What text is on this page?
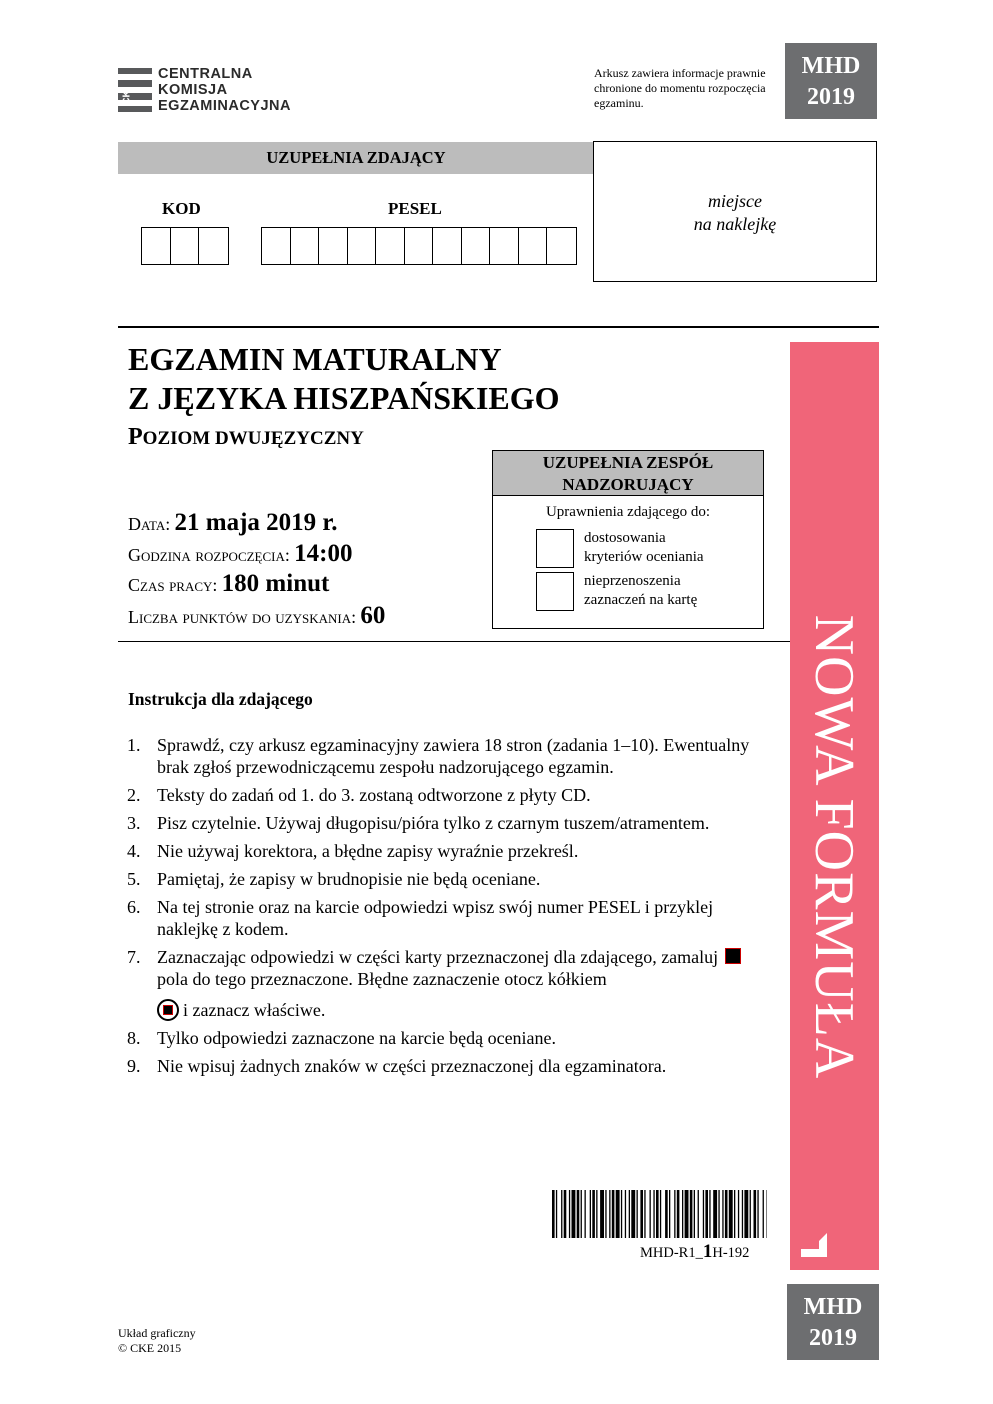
CK
CENTRALNA
KOMISJA
EGZAMINACYJNA
Arkusz zawiera informacje prawnie chronione do momentu rozpoczęcia egzaminu.
MHD
2019
UZUPEŁNIA ZDAJĄCY
KOD	PESEL	miejsce
na naklejkę
EGZAMIN MATURALNY
Z JĘZYKA HISZPAŃSKIEGO
POZIOM DWUJĘZYCZNY
NOWA FORMUŁA
UZUPEŁNIA ZESPÓŁ
NADZORUJĄCY
Uprawnienia zdającego do:
dostosowania
kryteriów oceniania
nieprzenoszenia
zaznaczeń na kartę
Data: 21 maja 2019 r.
Godzina rozpoczęcia: 14:00
Czas pracy: 180 minut
Liczba punktów do uzyskania: 60
Instrukcja dla zdającego
1. Sprawdź, czy arkusz egzaminacyjny zawiera 18 stron (zadania 1–10). Ewentualny brak zgłoś przewodniczącemu zespołu nadzorującego egzamin.
2. Teksty do zadań od 1. do 3. zostaną odtworzone z płyty CD.
3. Pisz czytelnie. Używaj długopisu/pióra tylko z czarnym tuszem/atramentem.
4. Nie używaj korektora, a błędne zapisy wyraźnie przekreśl.
5. Pamiętaj, że zapisy w brudnopisie nie będą oceniane.
6. Na tej stronie oraz na karcie odpowiedzi wpisz swój numer PESEL i przyklej naklejkę z kodem.
7. Zaznaczając odpowiedzi w części karty przeznaczonej dla zdającego, zamaluj pola do tego przeznaczone. Błędne zaznaczenie otocz kółkiem
i zaznacz właściwe.
8. Tylko odpowiedzi zaznaczone na karcie będą oceniane.
9. Nie wpisuj żadnych znaków w części przeznaczonej dla egzaminatora.
MHD-R1_1H-192
MHD
2019
Układ graficzny
© CKE 2015
